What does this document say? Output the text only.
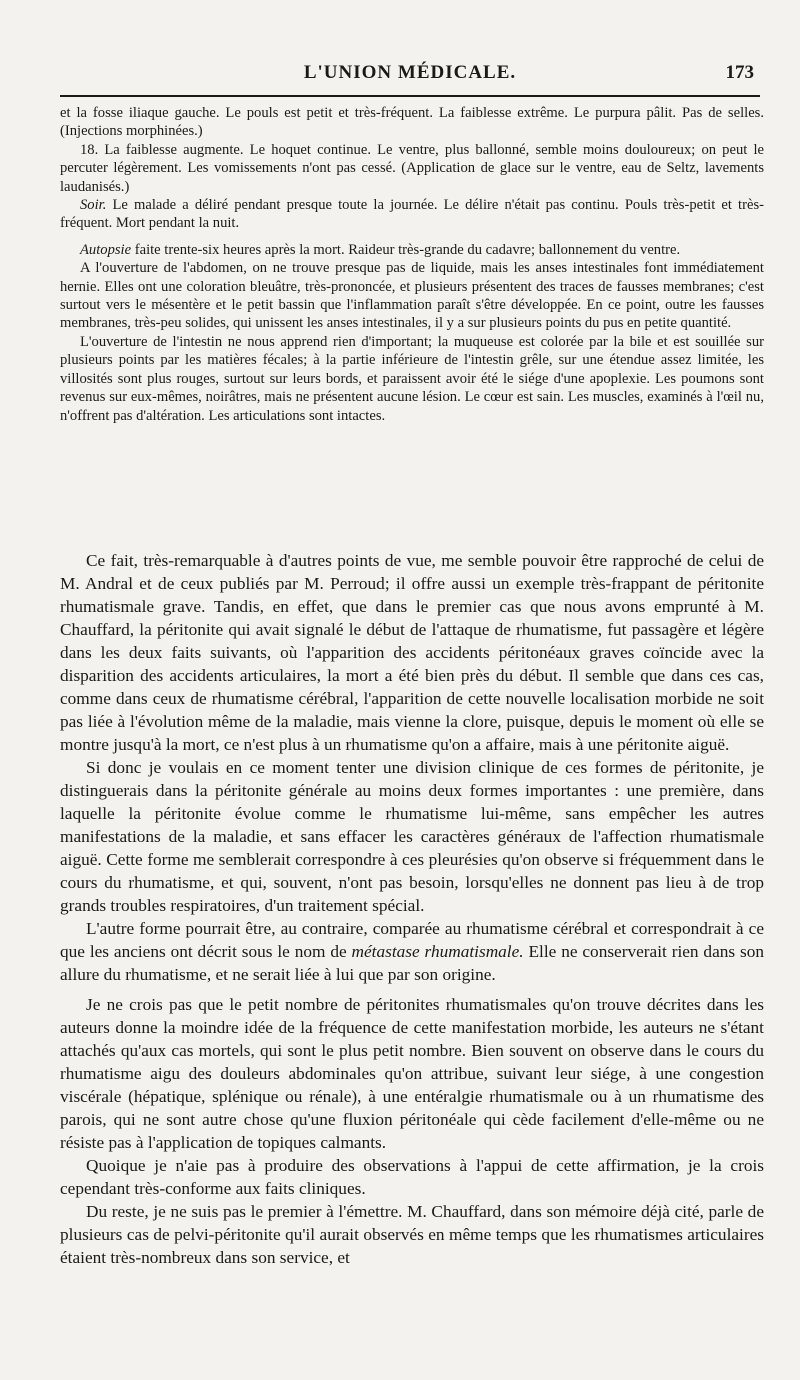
L'UNION MÉDICALE.	173

et la fosse iliaque gauche. Le pouls est petit et très-fréquent. La faiblesse extrême. Le purpura pâlit. Pas de selles. (Injections morphinées.)

18. La faiblesse augmente. Le hoquet continue. Le ventre, plus ballonné, semble moins douloureux; on peut le percuter légèrement. Les vomissements n'ont pas cessé. (Application de glace sur le ventre, eau de Seltz, lavements laudanisés.)

Soir. Le malade a déliré pendant presque toute la journée. Le délire n'était pas continu. Pouls très-petit et très-fréquent. Mort pendant la nuit.

Autopsie faite trente-six heures après la mort. Raideur très-grande du cadavre; ballonnement du ventre.

A l'ouverture de l'abdomen, on ne trouve presque pas de liquide, mais les anses intestinales font immédiatement hernie. Elles ont une coloration bleuâtre, très-prononcée, et plusieurs présentent des traces de fausses membranes; c'est surtout vers le mésentère et le petit bassin que l'inflammation paraît s'être développée. En ce point, outre les fausses membranes, très-peu solides, qui unissent les anses intestinales, il y a sur plusieurs points du pus en petite quantité.

L'ouverture de l'intestin ne nous apprend rien d'important; la muqueuse est colorée par la bile et est souillée sur plusieurs points par les matières fécales; à la partie inférieure de l'intestin grêle, sur une étendue assez limitée, les villosités sont plus rouges, surtout sur leurs bords, et paraissent avoir été le siége d'une apoplexie. Les poumons sont revenus sur eux-mêmes, noirâtres, mais ne présentent aucune lésion. Le cœur est sain. Les muscles, examinés à l'œil nu, n'offrent pas d'altération. Les articulations sont intactes.

Ce fait, très-remarquable à d'autres points de vue, me semble pouvoir être rapproché de celui de M. Andral et de ceux publiés par M. Perroud; il offre aussi un exemple très-frappant de péritonite rhumatismale grave. Tandis, en effet, que dans le premier cas que nous avons emprunté à M. Chauffard, la péritonite qui avait signalé le début de l'attaque de rhumatisme, fut passagère et légère dans les deux faits suivants, où l'apparition des accidents péritonéaux graves coïncide avec la disparition des accidents articulaires, la mort a été bien près du début. Il semble que dans ces cas, comme dans ceux de rhumatisme cérébral, l'apparition de cette nouvelle localisation morbide ne soit pas liée à l'évolution même de la maladie, mais vienne la clore, puisque, depuis le moment où elle se montre jusqu'à la mort, ce n'est plus à un rhumatisme qu'on a affaire, mais à une péritonite aiguë.

Si donc je voulais en ce moment tenter une division clinique de ces formes de péritonite, je distinguerais dans la péritonite générale au moins deux formes importantes : une première, dans laquelle la péritonite évolue comme le rhumatisme lui-même, sans empêcher les autres manifestations de la maladie, et sans effacer les caractères généraux de l'affection rhumatismale aiguë. Cette forme me semblerait correspondre à ces pleurésies qu'on observe si fréquemment dans le cours du rhumatisme, et qui, souvent, n'ont pas besoin, lorsqu'elles ne donnent pas lieu à de trop grands troubles respiratoires, d'un traitement spécial.

L'autre forme pourrait être, au contraire, comparée au rhumatisme cérébral et correspondrait à ce que les anciens ont décrit sous le nom de métastase rhumatismale. Elle ne conserverait rien dans son allure du rhumatisme, et ne serait liée à lui que par son origine.

Je ne crois pas que le petit nombre de péritonites rhumatismales qu'on trouve décrites dans les auteurs donne la moindre idée de la fréquence de cette manifestation morbide, les auteurs ne s'étant attachés qu'aux cas mortels, qui sont le plus petit nombre. Bien souvent on observe dans le cours du rhumatisme aigu des douleurs abdominales qu'on attribue, suivant leur siége, à une congestion viscérale (hépatique, splénique ou rénale), à une entéralgie rhumatismale ou à un rhumatisme des parois, qui ne sont autre chose qu'une fluxion péritonéale qui cède facilement d'elle-même ou ne résiste pas à l'application de topiques calmants.

Quoique je n'aie pas à produire des observations à l'appui de cette affirmation, je la crois cependant très-conforme aux faits cliniques.

Du reste, je ne suis pas le premier à l'émettre. M. Chauffard, dans son mémoire déjà cité, parle de plusieurs cas de pelvi-péritonite qu'il aurait observés en même temps que les rhumatismes articulaires étaient très-nombreux dans son service, et
